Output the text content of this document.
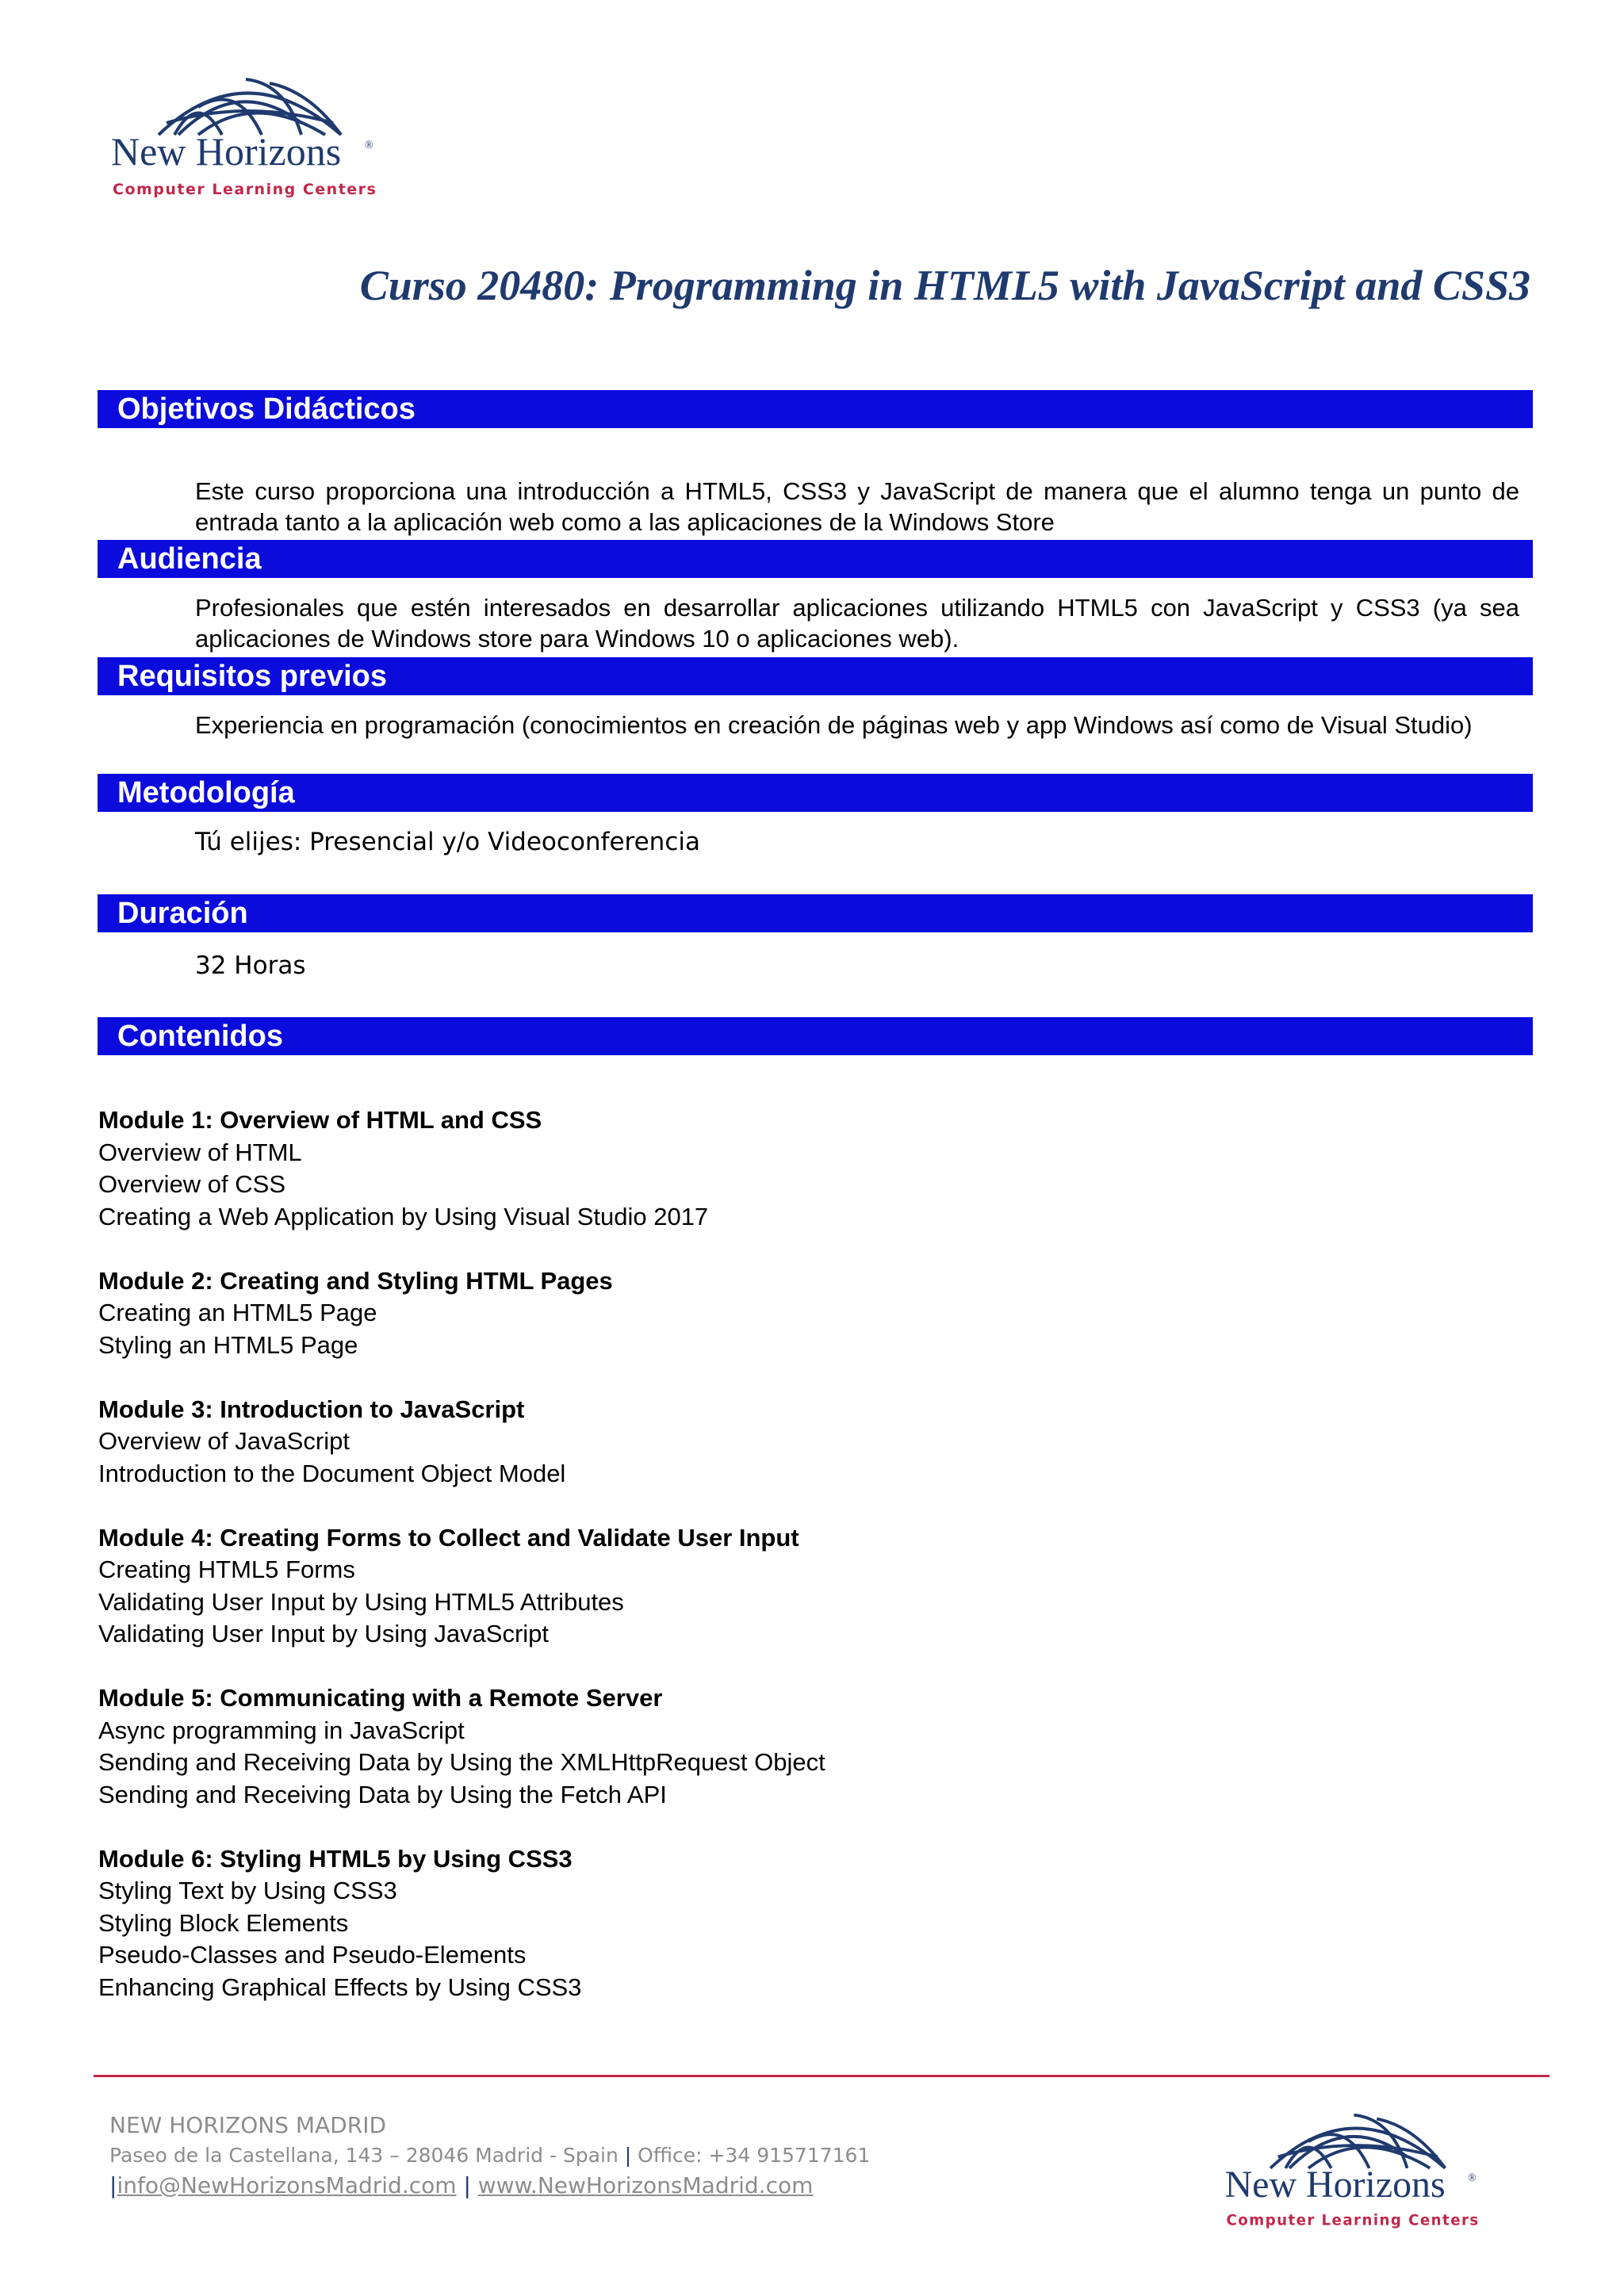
New Horizons ®
Computer Learning Centers
Curso 20480: Programming in HTML5 with JavaScript and CSS3
Objetivos Didácticos
Este curso proporciona una introducción a HTML5, CSS3 y JavaScript de manera que el alumno tenga un punto de entrada tanto a la aplicación web como a las aplicaciones de la Windows Store
Audiencia
Profesionales que estén interesados en desarrollar aplicaciones utilizando HTML5 con JavaScript y CSS3 (ya sea aplicaciones de Windows store para Windows 10 o aplicaciones web).
Requisitos previos
Experiencia en programación (conocimientos en creación de páginas web y app Windows así como de Visual Studio)
Metodología
Tú elijes: Presencial y/o Videoconferencia
Duración
32 Horas
Contenidos
Module 1: Overview of HTML and CSS
Overview of HTML
Overview of CSS
Creating a Web Application by Using Visual Studio 2017
Module 2: Creating and Styling HTML Pages
Creating an HTML5 Page
Styling an HTML5 Page
Module 3: Introduction to JavaScript
Overview of JavaScript
Introduction to the Document Object Model
Module 4: Creating Forms to Collect and Validate User Input
Creating HTML5 Forms
Validating User Input by Using HTML5 Attributes
Validating User Input by Using JavaScript
Module 5: Communicating with a Remote Server
Async programming in JavaScript
Sending and Receiving Data by Using the XMLHttpRequest Object
Sending and Receiving Data by Using the Fetch API
Module 6: Styling HTML5 by Using CSS3
Styling Text by Using CSS3
Styling Block Elements
Pseudo-Classes and Pseudo-Elements
Enhancing Graphical Effects by Using CSS3
NEW HORIZONS MADRID
Paseo de la Castellana, 143 – 28046 Madrid - Spain | Office: +34 915717161
|info@NewHorizonsMadrid.com | www.NewHorizonsMadrid.com	New Horizons ®
Computer Learning Centers
